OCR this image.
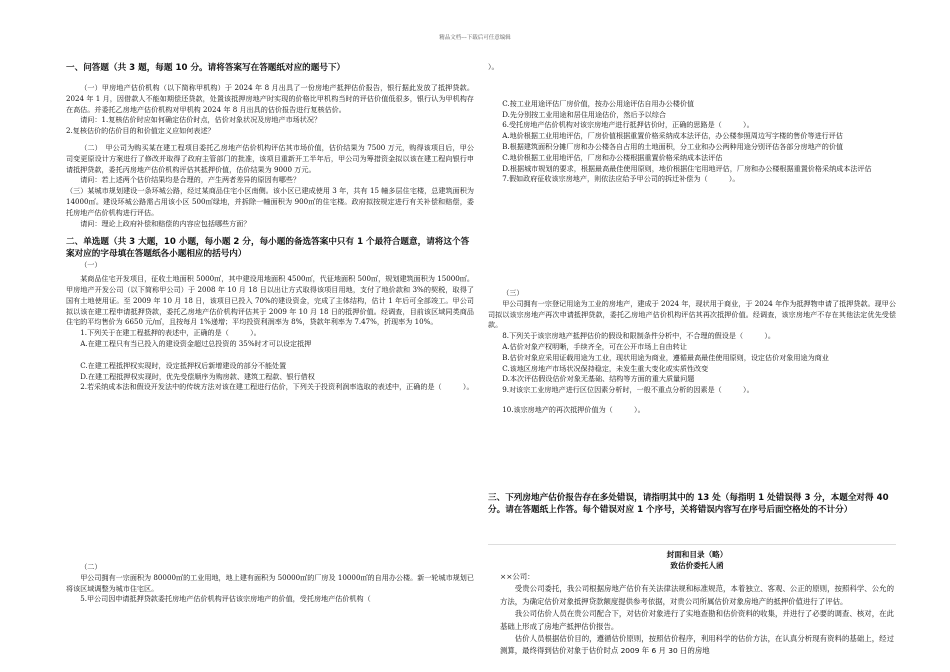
精品文档---下载后可任意编辑

一、问答题（共 3 题，每题 10 分。请将答案写在答题纸对应的题号下）

（一）甲房地产估价机构（以下简称甲机构）于 2024 年 8 月出具了一份房地产抵押估价报告，银行据此发放了抵押贷款。2024 年 1 月，因借款人不能如期偿还贷款，处置该抵押房地产时实现的价格比甲机构当时的评估价值低很多，银行认为甲机构存在高估。并委托乙房地产估价机构对甲机构 2024 年 8 月出具的估价报告进行复核估价。

请问：1.复核估价时应如何确定估价时点，估价对象状况及房地产市场状况？

2.复核估价的估价目的和价值定义应如何表述？

（二）　甲公司为购买某在建工程项目委托乙房地产估价机构评估其市场价值，估价结果为 7500 万元，购得该项目后，甲公司变更原设计方案进行了修改并取得了政府主管部门的批准，该项目重新开工半年后，甲公司为筹措资金拟以该在建工程向银行申请抵押贷款，委托丙房地产估价机构评估其抵押价值，估价结果为 9000 万元。

请问：若上述两个估价结果均是合理的，产生两者差异的原因有哪些？

（三）某城市规划建设一条环城公路，经过某商品住宅小区南侧。该小区已建成使用 3 年，共有 15 幢多层住宅楼，总建筑面积为 14000㎡。建设环城公路需占用该小区 500㎡绿地，并拆除一幢面积为 900㎡的住宅楼。政府拟按规定进行有关补偿和赔偿，委托房地产估价机构进行评估。

请问：理论上政府补偿和赔偿的内容应包括哪些方面？

二、单选题（共 3 大题，10 小题，每小题 2 分，每小题的备选答案中只有 1 个最符合题意，请将这个答案对应的字母填在答题纸各小题相应的括号内）

（一）

某商品住宅开发项目，征收土地面积 5000㎡，其中建设用地面积 4500㎡，代征地面积 500㎡，规划建筑面积为 15000㎡。甲房地产开发公司（以下简称甲公司）于 2008 年 10 月 18 日以出让方式取得该项目用地，支付了地价款和 3%的契税，取得了国有土地使用证。至 2009 年 10 月 18 日，该项目已投入 70%的建设资金，完成了主体结构，估计 1 年后可全部竣工。甲公司拟以该在建工程申请抵押贷款，委托乙房地产估价机构评估其于 2009 年 10 月 18 日的抵押价值。经调查，目前该区域同类商品住宅的平均售价为 6650 元/㎡，且按每月 1%递增；平均投资利润率为 8%，贷款年利率为 7.47%，折现率为 10%。

1.下列关于在建工程抵押的表述中，正确的是（　　　）。

A.在建工程只有当已投入的建设资金超过总投资的 35%时才可以设定抵押

C.在建工程抵押权实现时，设定抵押权后新增建设的部分不能处置

D.在建工程抵押权实现时，优先受偿顺序为购房款、建筑工程款、银行借权

2.若采纳成本法和假设开发法中的传统方法对该在建工程进行估价，下列关于投资利润率选取的表述中，正确的是（　　　）。

（二）

甲公司拥有一宗面积为 80000㎡的工业用地，地上建有面积为 50000㎡的厂房及 10000㎡的自用办公楼。新一轮城市规划已将该区域调整为城市住宅区。

5.甲公司因申请抵押贷款委托房地产估价机构评估该宗房地产的价值，受托房地产估价机构（

）。

C.按工业用途评估厂房价值，按办公用途评估自用办公楼价值

D.先分别按工业用途和居住用途估价，然后予以综合

6.受托房地产估价机构对该宗房地产进行抵押估价时，正确的思路是（　　　）。

A.地价根据工业用地评估，厂房价值根据重置价格采纳成本法评估，办公楼参照周边写字楼的售价等进行评估

B.根据建筑面积分摊厂房和办公楼各自占用的土地面积，分工业和办公两种用途分别评估各部分房地产的价值

C.地价根据工业用地评估，厂房和办公楼根据重置价格采纳成本法评估

D.根据城市规划的要求，根据最高最佳使用原则，地价根据住宅用地评估，厂房和办公楼根据重置价格采纳成本法评估

7.假如政府征收该宗房地产，则依法应给予甲公司的拆迁补偿为（　　　）。

（三）

甲公司拥有一宗登记用途为工业的房地产，建成于 2024 年，现状用于商业，于 2024 年作为抵押物申请了抵押贷款。现甲公司拟以该宗房地产再次申请抵押贷款，委托乙房地产估价机构评估其再次抵押价值。经调查，该宗房地产不存在其他法定优先受偿款。

8.下列关于该宗房地产抵押估价的假设和限制条件分析中，不合理的假设是（　　　）。

A.估价对象产权明晰，手续齐全，可在公开市场上自由转让

B.估价对象应采用证载用途为工业，现状用途为商业，遵循最高最佳使用原则，设定估价对象用途为商业

C.该地区房地产市场状况保持稳定，未发生重大变化或实质性改变

D.本次评估假设估价对象无基础、结构等方面的重大质量问题

9.对该宗工业房地产进行区位因素分析时，一般不重点分析的因素是（　　　）。

10.该宗房地产的再次抵押价值为（　　　）。

三、下列房地产估价报告存在多处错误，请指明其中的 13 处（每指明 1 处错误得 3 分，本题全对得 40 分。请在答题纸上作答。每个错误对应 1 个序号，关将错误内容写在序号后面空格处的不计分）

封面和目录（略）

致估价委托人函

××公司：

受贵公司委托，我公司根据房地产估价有关法律法规和标准规范，本着独立、客观、公正的原则，按照科学、公允的方法，为确定估价对象抵押贷款额度提供参考依据，对贵公司所属估价对象房地产的抵押价值进行了评估。

我公司估价人员在贵公司配合下，对估价对象进行了实地查勘和估价资料的收集，并进行了必要的调查、核对，在此基础上形成了房地产抵押估价报告。

估价人员根据估价目的，遵循估价原则，按照估价程序，利用科学的估价方法，在认真分析现有资料的基础上，经过测算，最终得到估价对象于估价时点 2009 年 6 月 30 日的房地
